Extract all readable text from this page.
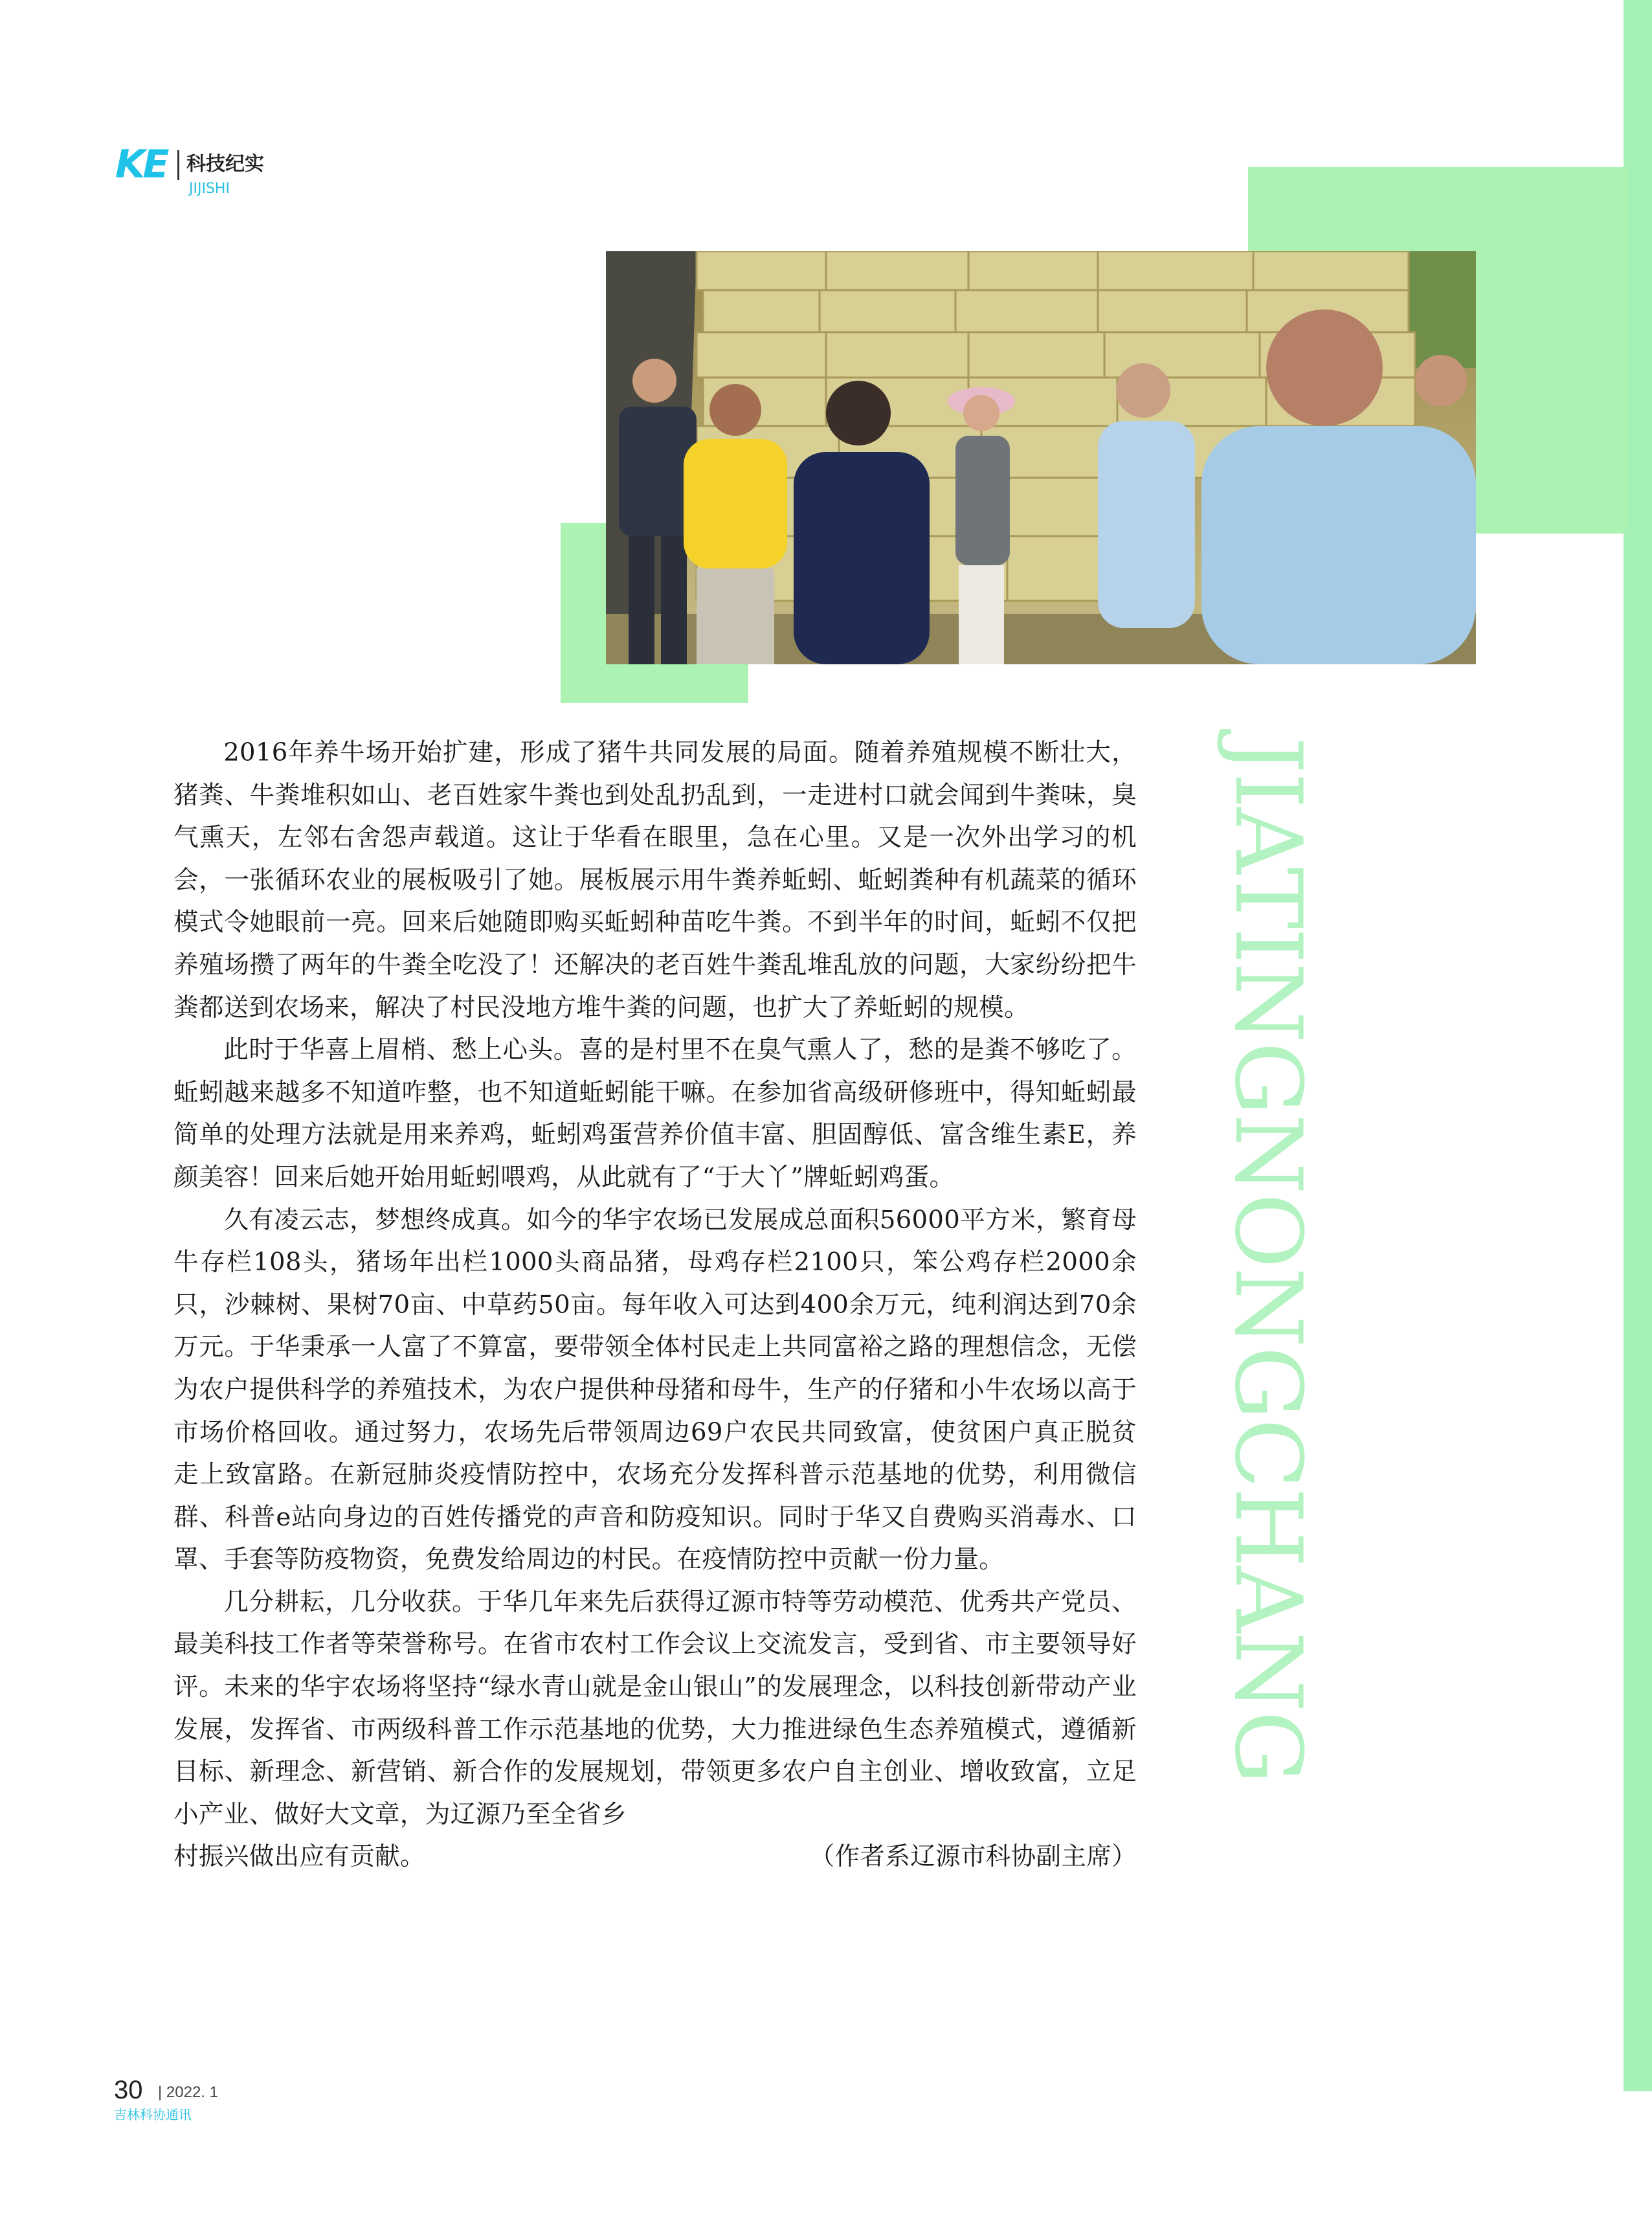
KE 科技纪实
JIJISHI
JIATINGNONGCHANG

2016年养牛场开始扩建，形成了猪牛共同发展的局面。随着养殖规模不断壮大，猪粪、牛粪堆积如山、老百姓家牛粪也到处乱扔乱到，一走进村口就会闻到牛粪味，臭气熏天，左邻右舍怨声载道。这让于华看在眼里，急在心里。又是一次外出学习的机会，一张循环农业的展板吸引了她。展板展示用牛粪养蚯蚓、蚯蚓粪种有机蔬菜的循环模式令她眼前一亮。回来后她随即购买蚯蚓种苗吃牛粪。不到半年的时间，蚯蚓不仅把养殖场攒了两年的牛粪全吃没了！还解决的老百姓牛粪乱堆乱放的问题，大家纷纷把牛粪都送到农场来，解决了村民没地方堆牛粪的问题，也扩大了养蚯蚓的规模。

此时于华喜上眉梢、愁上心头。喜的是村里不在臭气熏人了，愁的是粪不够吃了。蚯蚓越来越多不知道咋整，也不知道蚯蚓能干嘛。在参加省高级研修班中，得知蚯蚓最简单的处理方法就是用来养鸡，蚯蚓鸡蛋营养价值丰富、胆固醇低、富含维生素E，养颜美容！回来后她开始用蚯蚓喂鸡，从此就有了“于大丫”牌蚯蚓鸡蛋。

久有凌云志，梦想终成真。如今的华宇农场已发展成总面积56000平方米，繁育母牛存栏108头，猪场年出栏1000头商品猪，母鸡存栏2100只，笨公鸡存栏2000余只，沙棘树、果树70亩、中草药50亩。每年收入可达到400余万元，纯利润达到70余万元。于华秉承一人富了不算富，要带领全体村民走上共同富裕之路的理想信念，无偿为农户提供科学的养殖技术，为农户提供种母猪和母牛，生产的仔猪和小牛农场以高于市场价格回收。通过努力，农场先后带领周边69户农民共同致富，使贫困户真正脱贫走上致富路。在新冠肺炎疫情防控中，农场充分发挥科普示范基地的优势，利用微信群、科普e站向身边的百姓传播党的声音和防疫知识。同时于华又自费购买消毒水、口罩、手套等防疫物资，免费发给周边的村民。在疫情防控中贡献一份力量。

几分耕耘，几分收获。于华几年来先后获得辽源市特等劳动模范、优秀共产党员、最美科技工作者等荣誉称号。在省市农村工作会议上交流发言，受到省、市主要领导好评。未来的华宇农场将坚持“绿水青山就是金山银山”的发展理念，以科技创新带动产业发展，发挥省、市两级科普工作示范基地的优势，大力推进绿色生态养殖模式，遵循新目标、新理念、新营销、新合作的发展规划，带领更多农户自主创业、增收致富，立足小产业、做好大文章，为辽源乃至全省乡

村振兴做出应有贡献。	（作者系辽源市科协副主席）

30 | 2022. 1
吉林科协通讯
